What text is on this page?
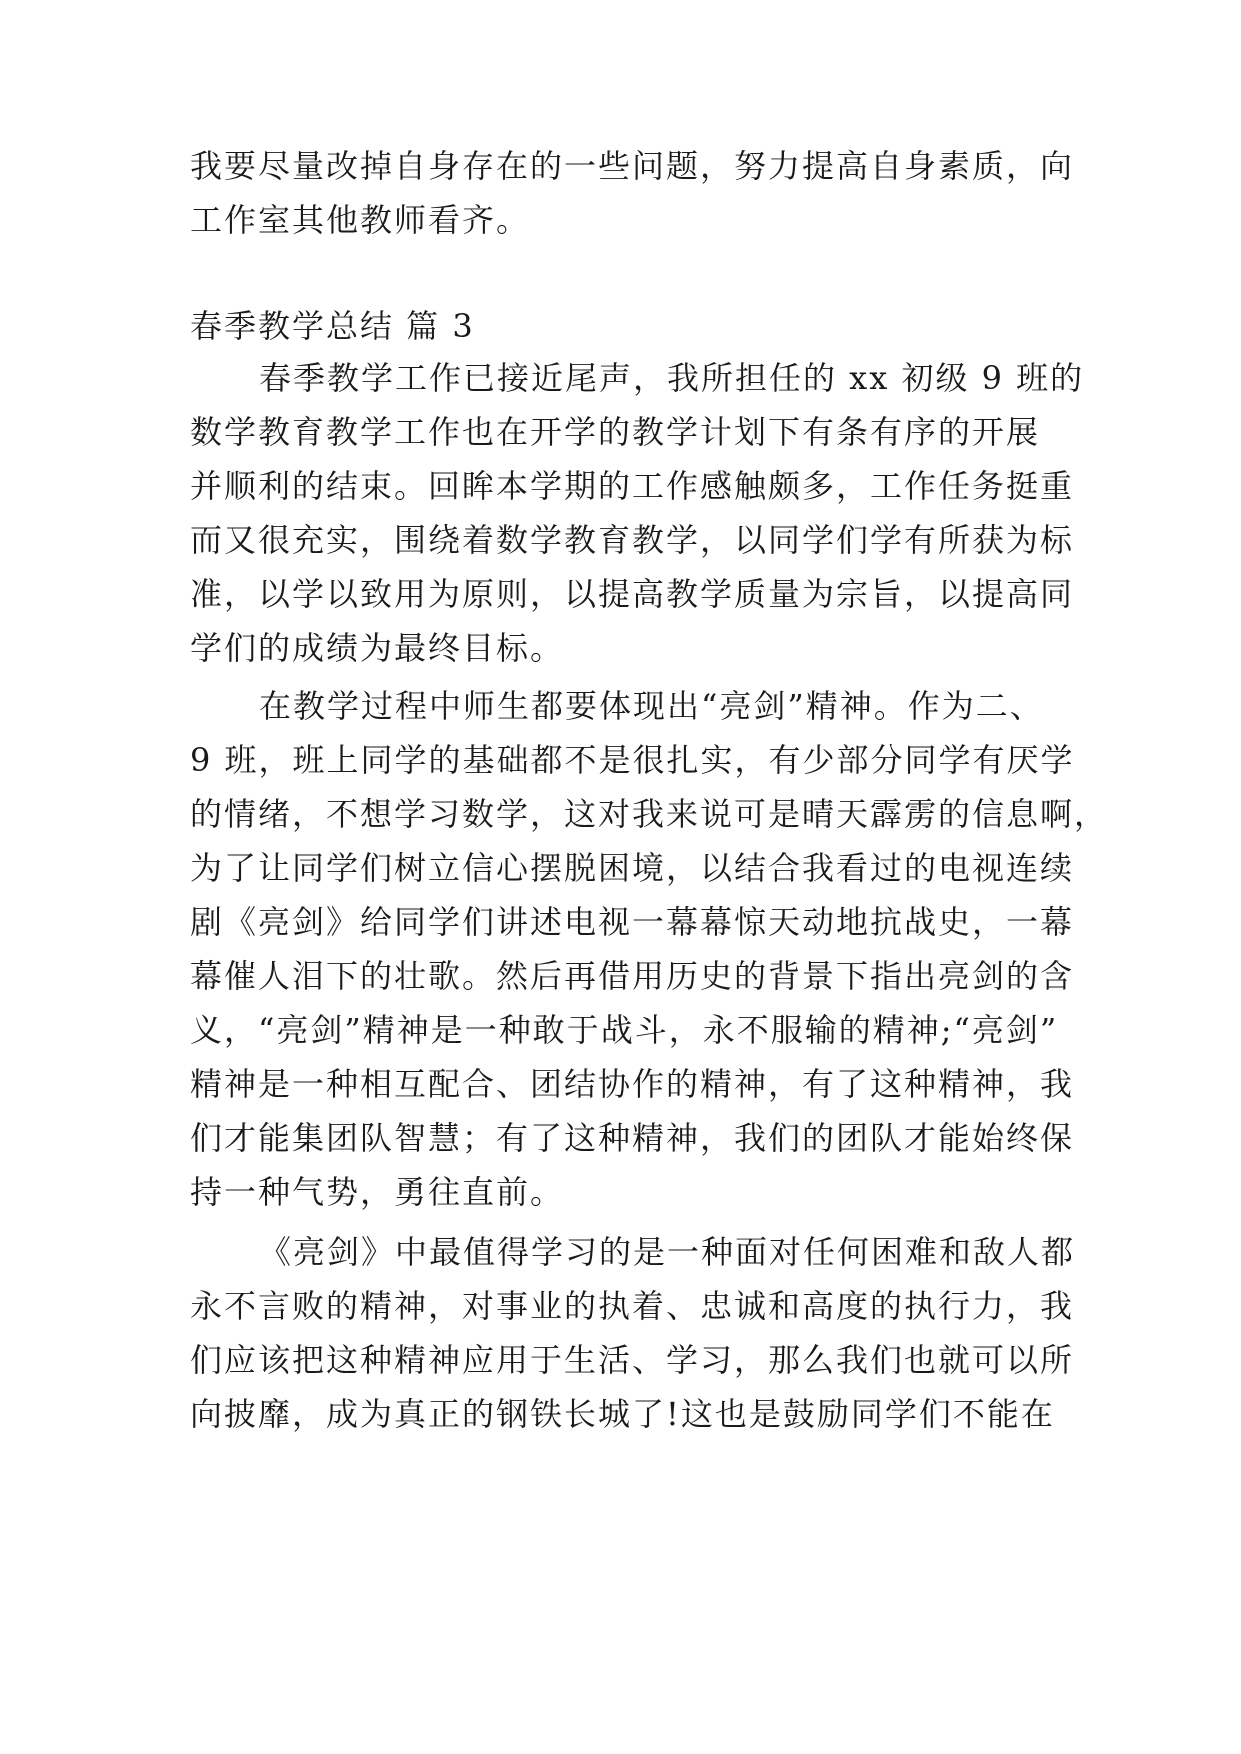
我要尽量改掉自身存在的一些问题，努力提高自身素质，向
工作室其他教师看齐。
春季教学总结 篇 3
春季教学工作已接近尾声，我所担任的 xx 初级 9 班的
数学教育教学工作也在开学的教学计划下有条有序的开展
并顺利的结束。回眸本学期的工作感触颇多，工作任务挺重
而又很充实，围绕着数学教育教学，以同学们学有所获为标
准，以学以致用为原则，以提高教学质量为宗旨，以提高同
学们的成绩为最终目标。
在教学过程中师生都要体现出“亮剑”精神。作为二、
9 班，班上同学的基础都不是很扎实，有少部分同学有厌学
的情绪，不想学习数学，这对我来说可是晴天霹雳的信息啊，
为了让同学们树立信心摆脱困境，以结合我看过的电视连续
剧《亮剑》给同学们讲述电视一幕幕惊天动地抗战史，一幕
幕催人泪下的壮歌。然后再借用历史的背景下指出亮剑的含
义，“亮剑”精神是一种敢于战斗，永不服输的精神;“亮剑”
精神是一种相互配合、团结协作的精神，有了这种精神，我
们才能集团队智慧；有了这种精神，我们的团队才能始终保
持一种气势，勇往直前。
《亮剑》中最值得学习的是一种面对任何困难和敌人都
永不言败的精神，对事业的执着、忠诚和高度的执行力，我
们应该把这种精神应用于生活、学习，那么我们也就可以所
向披靡，成为真正的钢铁长城了!这也是鼓励同学们不能在
